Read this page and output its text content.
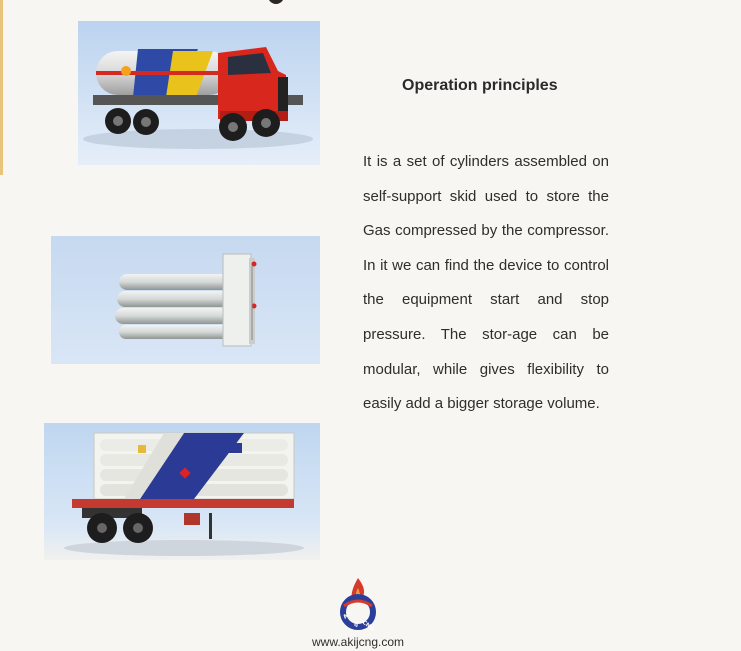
Operation principles
It is a set of cylinders assembled on self-support skid used to store the Gas compressed by the compressor. In it we can find the device to control the equipment start and stop pressure. The stor-age can be modular, while gives flexibility to easily add a bigger storage volume.
AK
IJ CNG
www.akijcng.com
